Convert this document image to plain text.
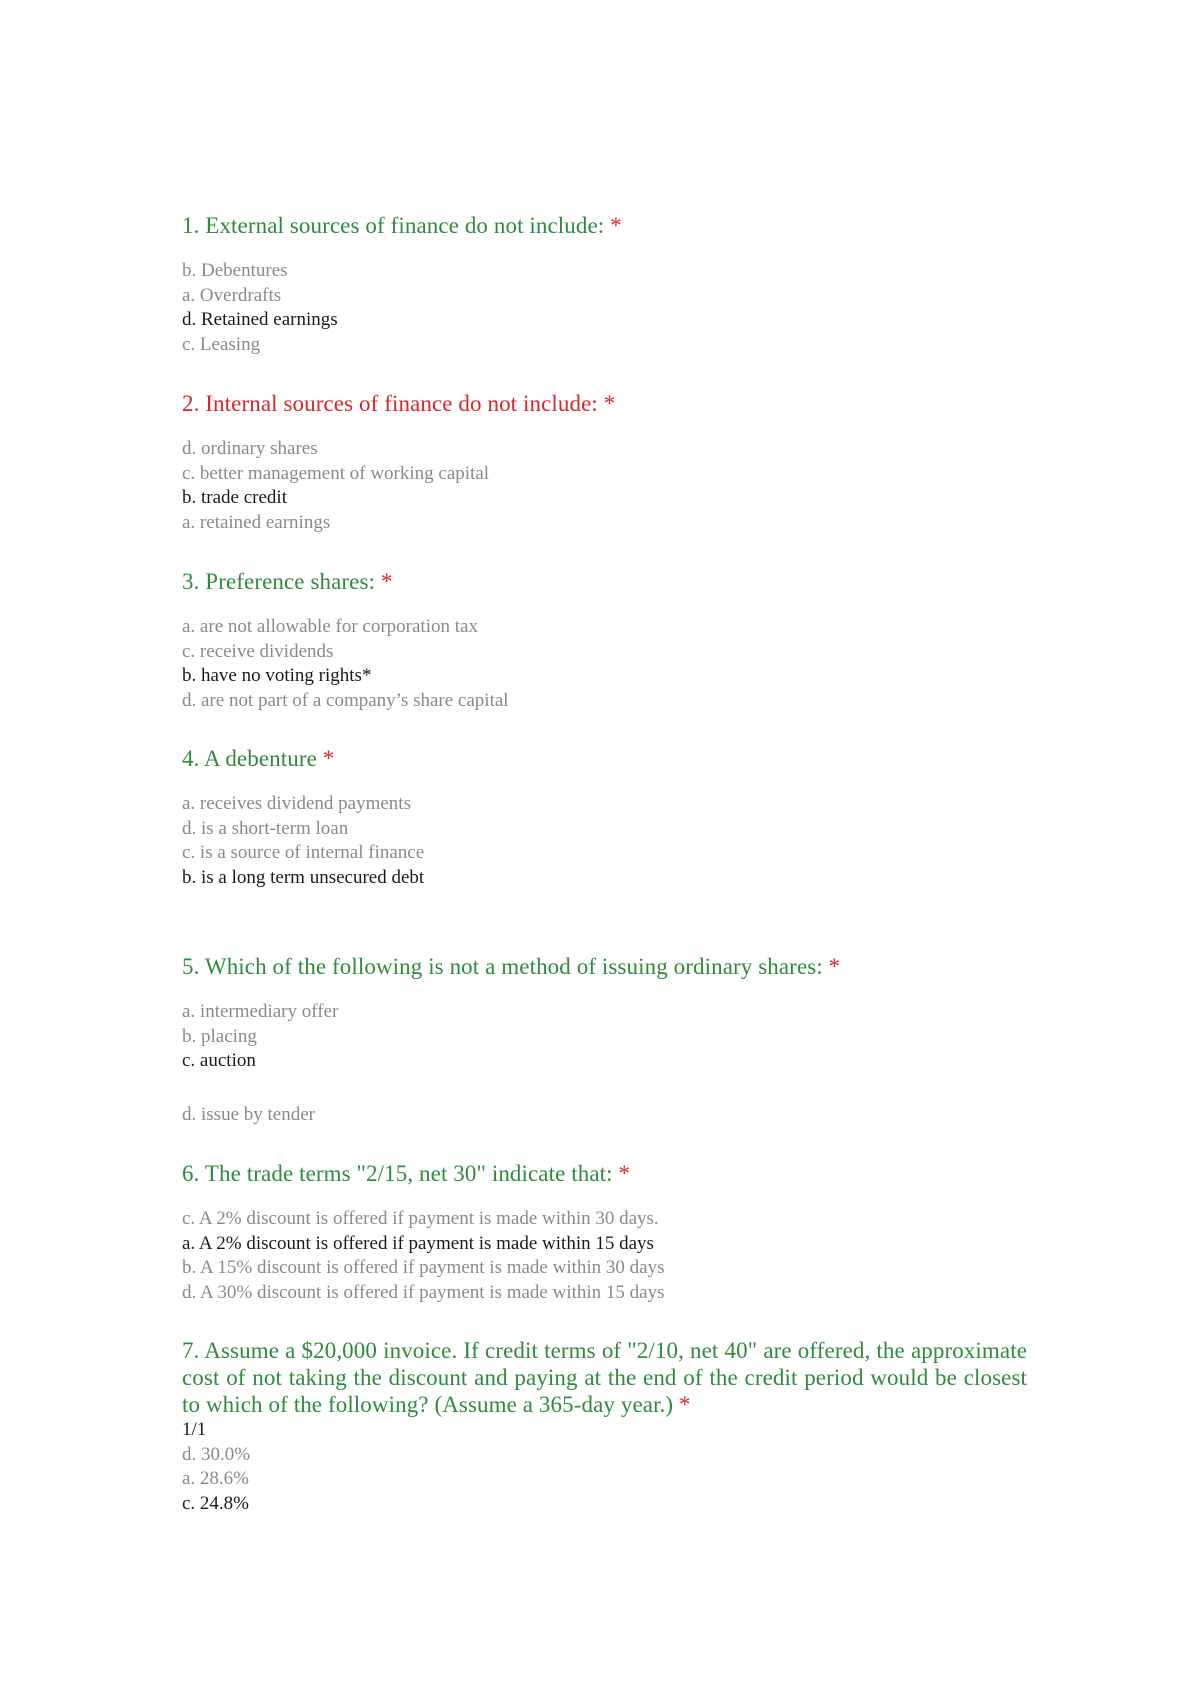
1. External sources of finance do not include: *
b. Debentures
a. Overdrafts
d. Retained earnings
c. Leasing
2. Internal sources of finance do not include: *
d. ordinary shares
c. better management of working capital
b. trade credit
a. retained earnings
3. Preference shares: *
a. are not allowable for corporation tax
c. receive dividends
b. have no voting rights*
d. are not part of a company’s share capital
4. A debenture *
a. receives dividend payments
d. is a short-term loan
c. is a source of internal finance
b. is a long term unsecured debt
5. Which of the following is not a method of issuing ordinary shares: *
a. intermediary offer
b. placing
c. auction
d. issue by tender
6. The trade terms "2/15, net 30" indicate that: *
c. A 2% discount is offered if payment is made within 30 days.
a. A 2% discount is offered if payment is made within 15 days
b. A 15% discount is offered if payment is made within 30 days
d. A 30% discount is offered if payment is made within 15 days
7. Assume a $20,000 invoice. If credit terms of "2/10, net 40" are offered, the approximate cost of not taking the discount and paying at the end of the credit period would be closest to which of the following? (Assume a 365-day year.) *
1/1
d. 30.0%
a. 28.6%
c. 24.8%
